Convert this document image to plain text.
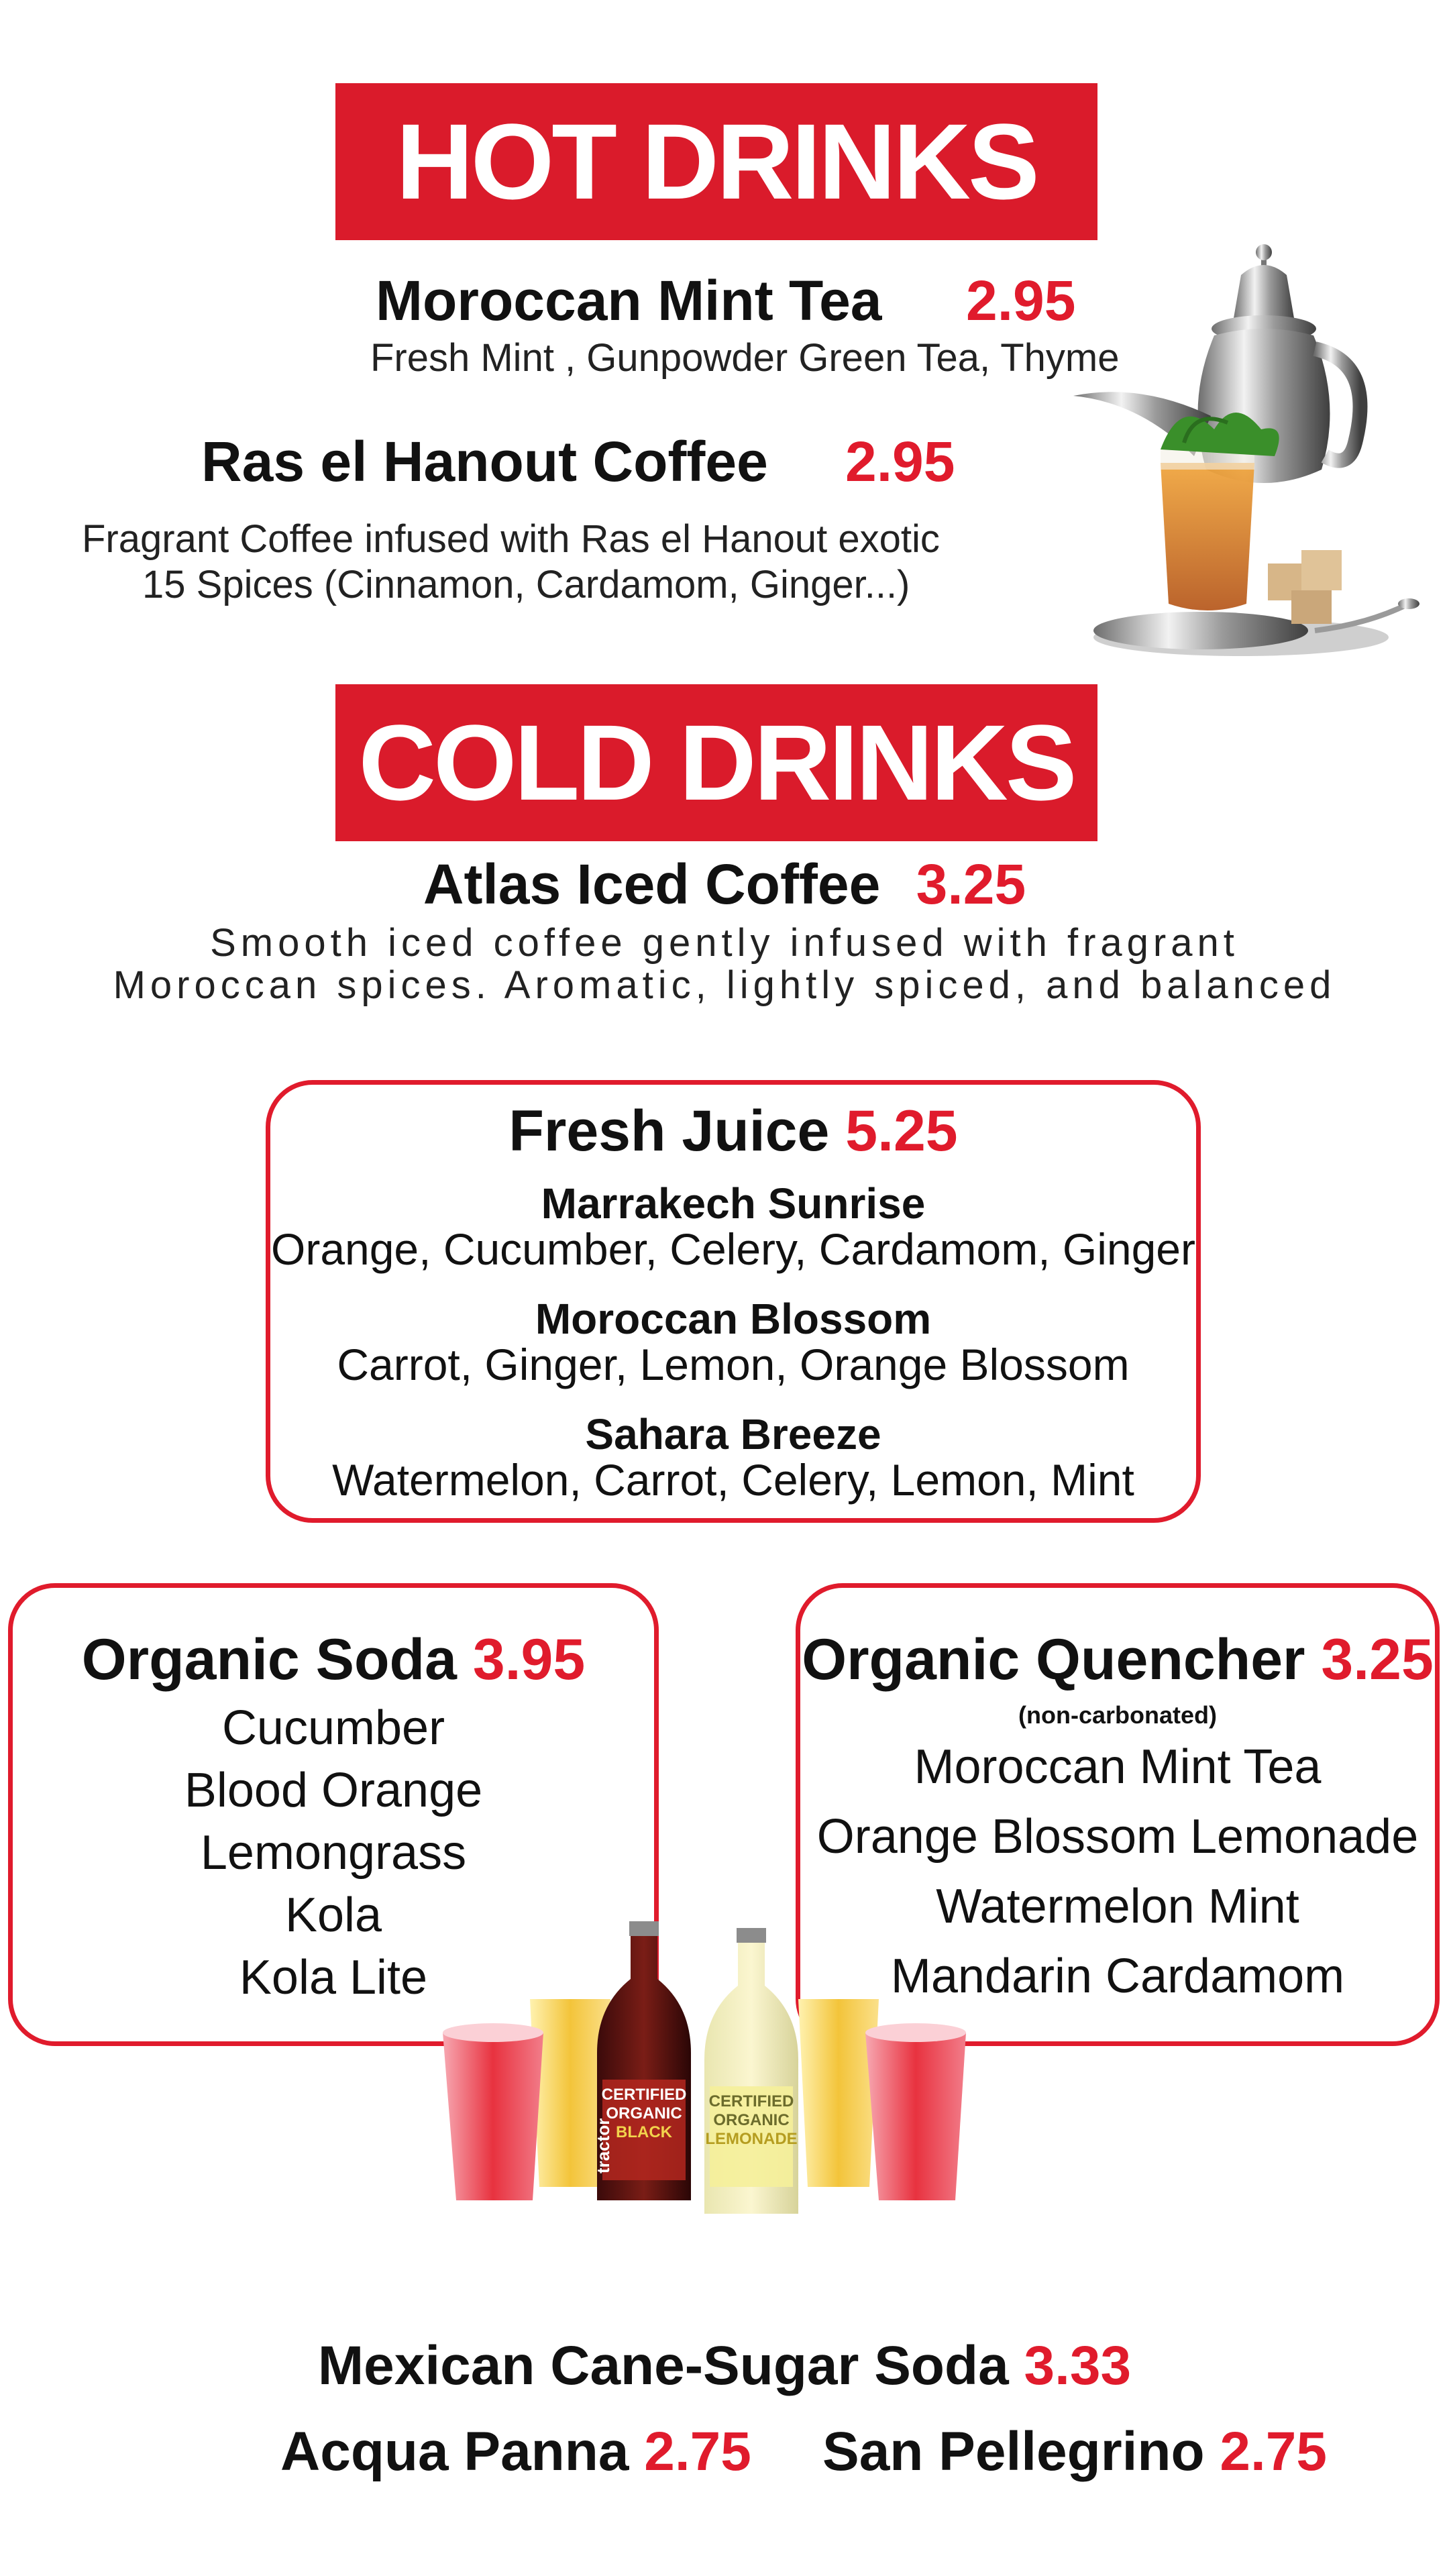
HOT DRINKS
Moroccan Mint Tea 2.95
Fresh Mint , Gunpowder Green Tea, Thyme
Ras el Hanout Coffee 2.95
Fragrant Coffee infused with Ras el Hanout exotic
15 Spices (Cinnamon, Cardamom, Ginger...)
COLD DRINKS
Atlas Iced Coffee 3.25
Smooth iced coffee gently infused with fragrant
Moroccan spices. Aromatic, lightly spiced, and balanced
Fresh Juice 5.25
Marrakech Sunrise
Orange, Cucumber, Celery, Cardamom, Ginger
Moroccan Blossom
Carrot, Ginger, Lemon, Orange Blossom
Sahara Breeze
Watermelon, Carrot, Celery, Lemon, Mint
Organic Soda 3.95
Cucumber
Blood Orange
Lemongrass
Kola
Kola Lite
Organic Quencher 3.25
(non-carbonated)
Moroccan Mint Tea
Orange Blossom Lemonade
Watermelon Mint
Mandarin Cardamom
CERTIFIED
ORGANIC
BLACK
tractor
CERTIFIED
ORGANIC
LEMONADE
Mexican Cane-Sugar Soda 3.33
Acqua Panna 2.75 San Pellegrino 2.75
